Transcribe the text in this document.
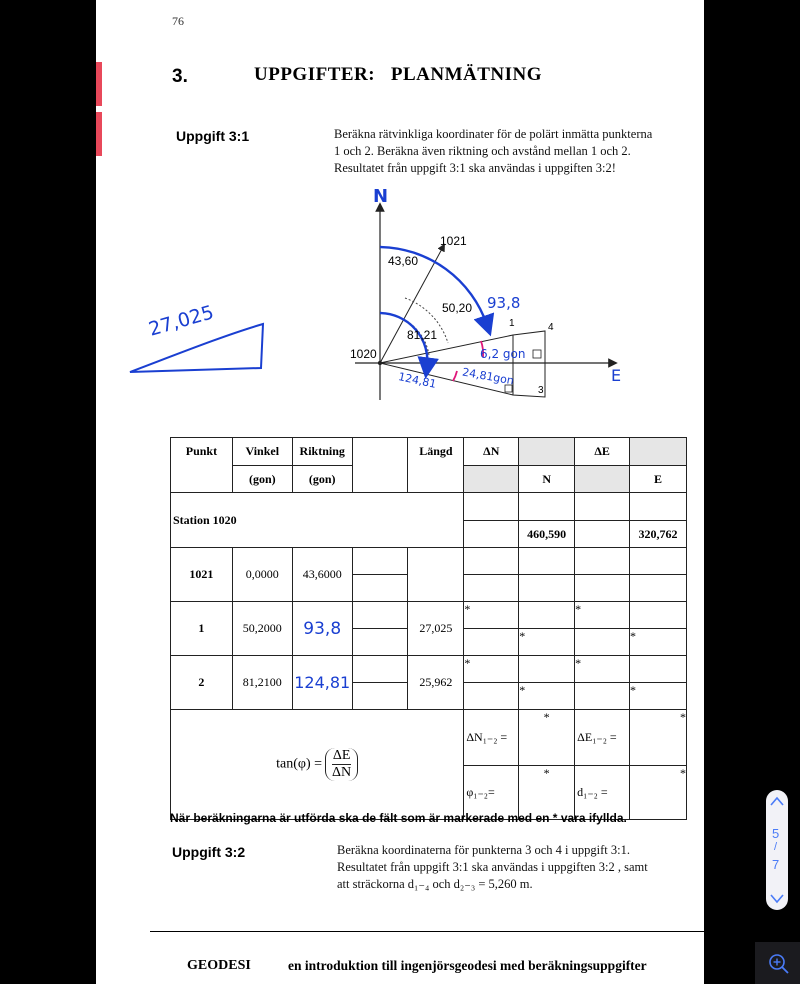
76
3.	UPPGIFTER:   PLANMÄTNING
Uppgift 3:1	Beräkna rätvinkliga koordinater för de polärt inmätta punkterna
1 och 2. Beräkna även riktning och avstånd mellan 1 och 2.
Resultatet från uppgift 3:1 ska användas i uppgiften 3:2!
27,025
N
E
1021
1020
1	4
3
43,60
50,20
81,21
93,8
124,81
6,2 gon
24,81gon
Punkt	Vinkel	Riktning		Längd	ΔN		ΔE	
	(gon)	(gon)				N		E
Station 1020								
						460,590		320,762
1021	0,0000	43,6000						

1	50,2000	93,8		27,025	*		*	
						*		*
2	81,2100	124,81		25,962	*		*	
						*		*
$\tan(\varphi) = \frac{\Delta E}{\Delta N}$					ΔN₁₋₂ =	*	ΔE₁₋₂ =	*
					φ₁₋₂=	*	d₁₋₂ =	*
När beräkningarna är utförda ska de fält som är markerade med en * vara ifyllda.
Uppgift 3:2	Beräkna koordinaterna för punkterna 3 och 4 i uppgift 3:1.
Resultatet från uppgift 3:1 ska användas i uppgiften 3:2 , samt
att sträckorna d₁₋₄ och d₂₋₃ = 5,260 m.
GEODESI	en introduktion till ingenjörsgeodesi med beräkningsuppgifter
5
/
7
